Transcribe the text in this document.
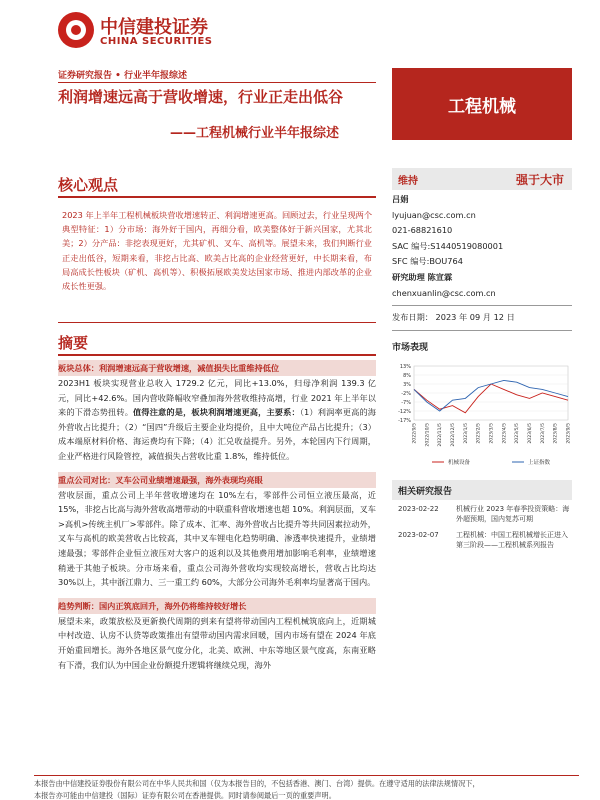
中信建投证券
CHINA SECURITIES
证券研究报告 • 行业半年报综述
利润增速远高于营收增速，行业正走出低谷
——工程机械行业半年报综述
工程机械
核心观点
2023 年上半年工程机械板块营收增速转正、利润增速更高。回顾过去，行业呈现两个典型特征：1）分市场：海外好于国内，再细分看，欧美整体好于新兴国家，尤其北美；2）分产品：非挖表现更好，尤其矿机、叉车、高机等。展望未来，我们判断行业正走出低谷，短期来看，非挖占比高、欧美占比高的企业经营更好，中长期来看，布局高成长性板块（矿机、高机等）、积极拓展欧美发达国家市场、推进内部改革的企业成长性更强。
摘要
板块总体：利润增速远高于营收增速，减值损失比重维持低位
2023H1 板块实现营业总收入 1729.2 亿元，同比+13.0%，归母净利润 139.3 亿元，同比+42.6%。国内营收降幅收窄叠加海外营收维持高增，行业 2021 年上半年以来的下滑态势扭转。值得注意的是，板块利润增速更高，主要系：（1）利润率更高的海外营收占比提升；（2）“国四”升级后主要企业均提价，且中大吨位产品占比提升；（3）成本端原材料价格、海运费均有下降；（4）汇兑收益提升。另外，本轮国内下行周期，企业严格进行风险管控，减值损失占营收比重 1.8%，维持低位。
重点公司对比：叉车公司业绩增速最强，海外表现均亮眼
营收层面，重点公司上半年营收增速均在 10%左右，零部件公司恒立液压最高，近 15%，非挖占比高与海外营收高增带动的中联重科营收增速也超 10%。利润层面，叉车>高机>传统主机厂>零部件。除了成本、汇率、海外营收占比提升等共同因素拉动外，叉车与高机的欧美营收占比较高，其中叉车锂电化趋势明确、渗透率快速提升，业绩增速最强；零部件企业恒立液压对大客户的返利以及其他费用增加影响毛利率，业绩增速稍逊于其他子板块。分市场来看，重点公司海外营收均实现较高增长，营收占比均达 30%以上，其中浙江鼎力、三一重工约 60%，大部分公司海外毛利率均显著高于国内。
趋势判断：国内正筑底回升，海外仍将维持较好增长
展望未来，政策放松及更新换代周期的到来有望将带动国内工程机械筑底向上，近期城中村改造、认房不认贷等政策推出有望带动国内需求回暖，国内市场有望在 2024 年底开始重回增长。海外各地区景气度分化，北美、欧洲、中东等地区景气度高，东南亚略有下滑，我们认为中国企业份额提升逻辑将继续兑现，海外
维持	强于大市
吕娟
lyujuan@csc.com.cn
021-68821610
SAC 编号:S1440519080001
SFC 编号:BOU764
研究助理 陈宣霖
chenxuanlin@csc.com.cn
发布日期： 2023 年 09 月 12 日
市场表现
13%
8%
3%
-2%
-7%
-12%
-17%
2022/9/5 2022/10/5 2022/11/5 2022/12/5 2023/1/5 2023/2/5 2023/3/5 2023/4/5 2023/5/5 2023/6/5 2023/7/5 2023/8/5 2023/9/5
机械设备	上证指数
相关研究报告
2023-02-22	机械行业 2023 年春季投资策略：海外超预期，国内复苏可期
2023-02-07	工程机械：中国工程机械增长正进入第三阶段——工程机械系列报告
本报告由中信建投证券股份有限公司在中华人民共和国（仅为本报告目的，不包括香港、澳门、台湾）提供。在遵守适用的法律法规情况下，
本报告亦可能由中信建投（国际）证券有限公司在香港提供。同时请参阅最后一页的重要声明。
